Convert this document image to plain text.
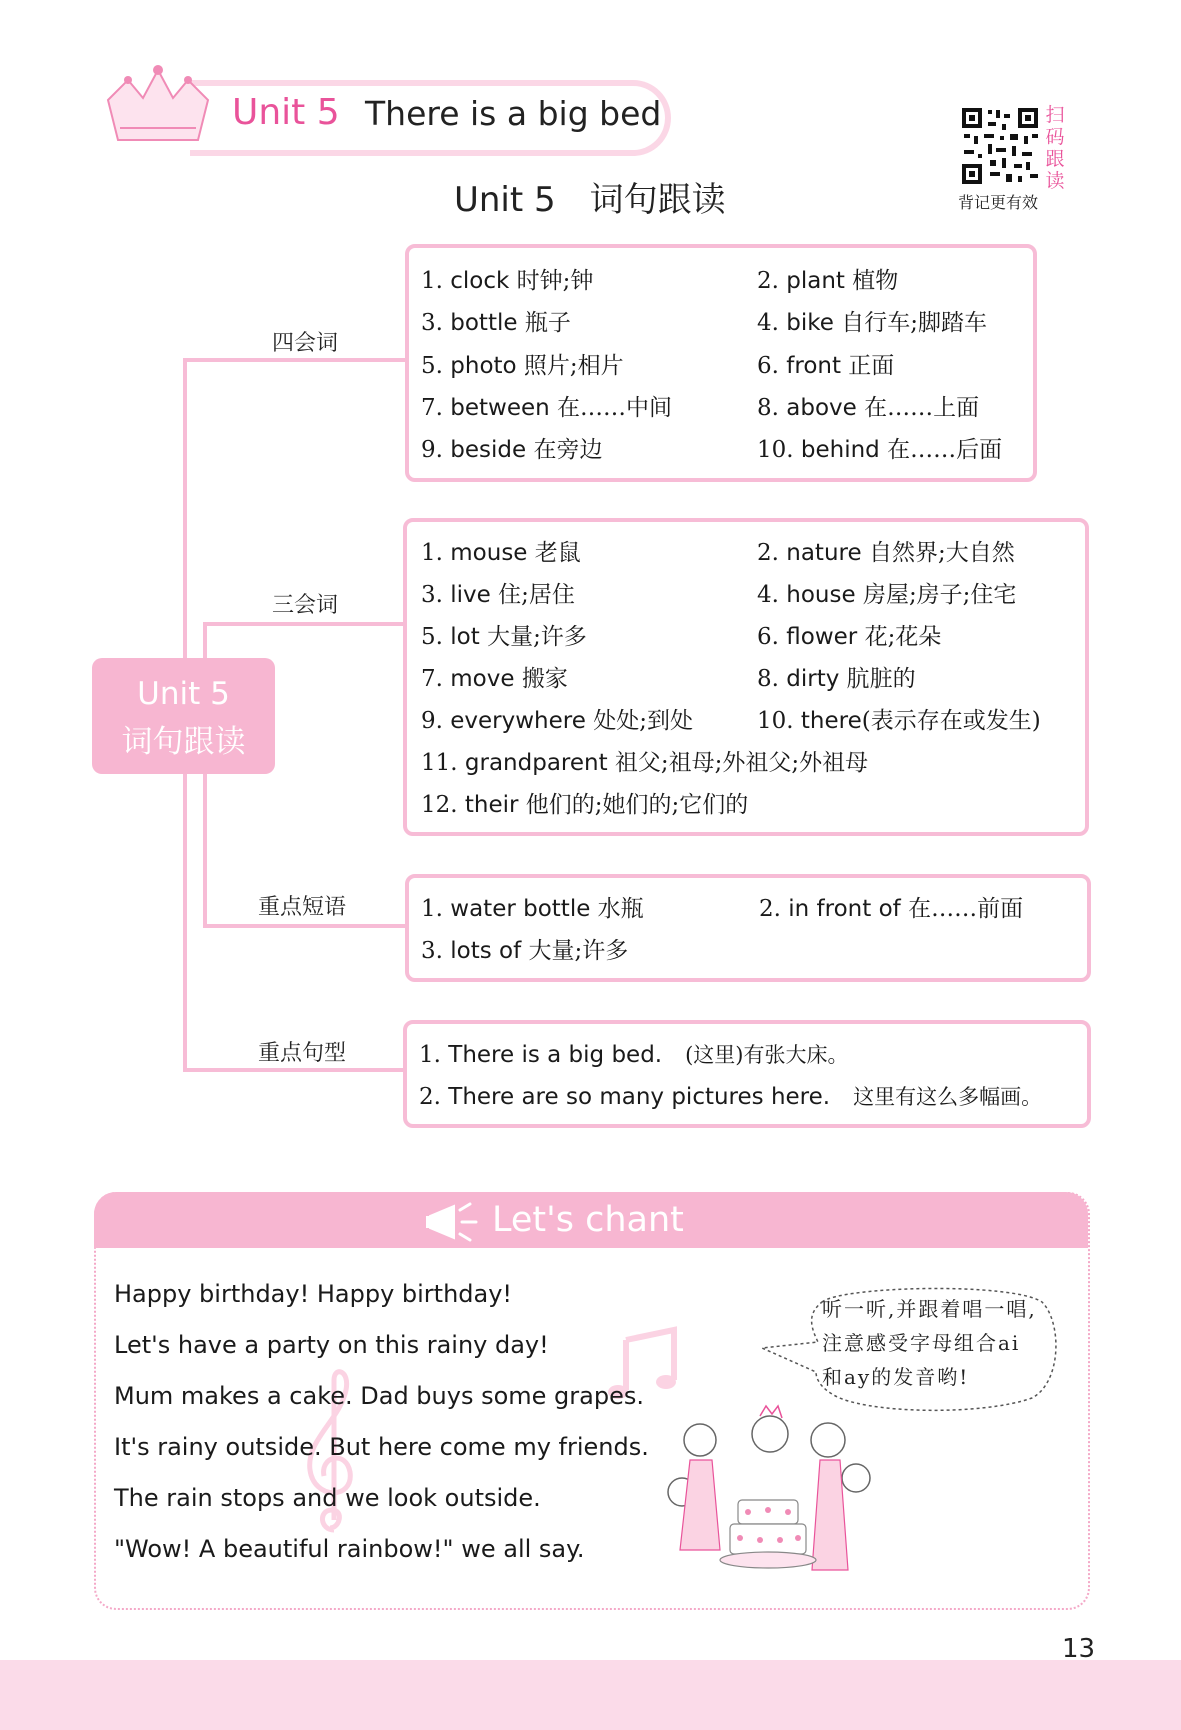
Unit 5 There is a big bed	扫
码
跟
读
背记更有效
Unit 5　词句跟读
四会词
三会词
重点短语
重点句型
Unit 5
词句跟读
1. clock 时钟;钟	2. plant 植物
3. bottle 瓶子	4. bike 自行车;脚踏车
5. photo 照片;相片	6. front 正面
7. between 在……中间	8. above 在……上面
9. beside 在旁边	10. behind 在……后面
1. mouse 老鼠	2. nature 自然界;大自然
3. live 住;居住	4. house 房屋;房子;住宅
5. lot 大量;许多	6. flower 花;花朵
7. move 搬家	8. dirty 肮脏的
9. everywhere 处处;到处	10. there(表示存在或发生)
11. grandparent 祖父;祖母;外祖父;外祖母
12. their 他们的;她们的;它们的
1. water bottle 水瓶	2. in front of 在……前面
3. lots of 大量;许多
1. There is a big bed.　 (这里)有张大床。
2. There are so many pictures here.　 这里有这么多幅画。
Let's chant
Happy birthday! Happy birthday!
Let's have a party on this rainy day!
Mum makes a cake. Dad buys some grapes.
It's rainy outside. But here come my friends.
The rain stops and we look outside.
"Wow! A beautiful rainbow!" we all say.
听一听,并跟着唱一唱,注意感受字母组合ai和ay的发音哟!
13
